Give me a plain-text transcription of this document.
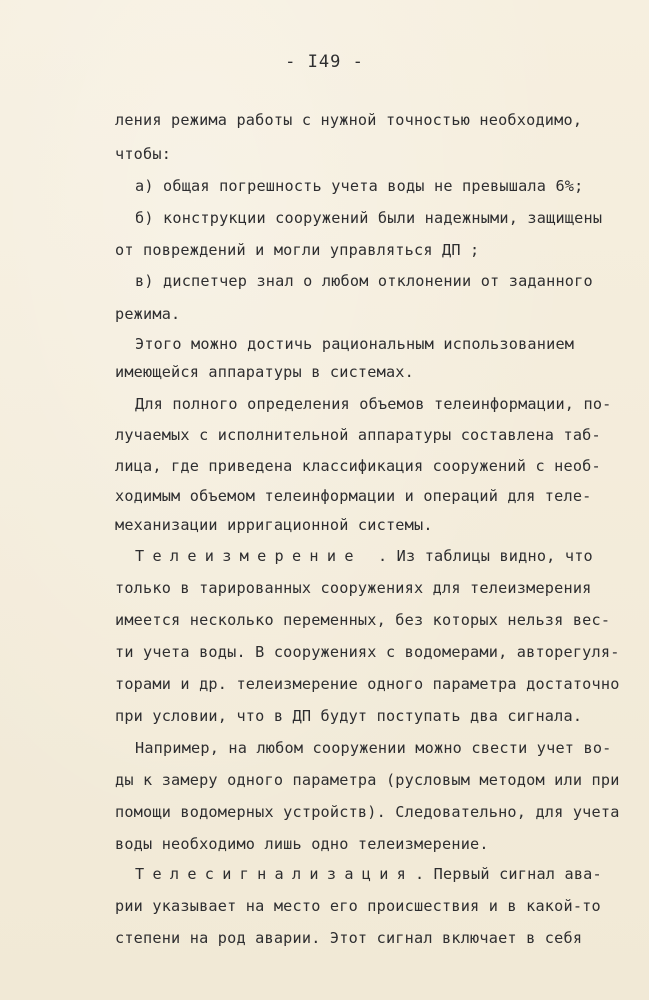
- I49 -
ления режима работы с нужной точностью необходимо,
чтобы:
а) общая погрешность учета воды не превышала 6%;
б) конструкции сооружений были надежными, защищены
от повреждений и могли управляться ДП ;
в) диспетчер знал о любом отклонении от заданного
режима.
Этого можно достичь рациональным использованием
имеющейся аппаратуры в системах.
Для полного определения объемов телеинформации, по-
лучаемых с исполнительной аппаратуры составлена таб-
лица, где приведена классификация сооружений с необ-
ходимым объемом телеинформации и операций для теле-
механизации ирригационной системы.
Телеизмерение . Из таблицы видно, что
только в тарированных сооружениях для телеизмерения
имеется несколько переменных, без которых нельзя вес-
ти учета воды. В сооружениях с водомерами, авторегуля-
торами и др. телеизмерение одного параметра достаточно
при условии, что в ДП будут поступать два сигнала.
Например, на любом сооружении можно свести учет во-
ды к замеру одного параметра (русловым методом или при
помощи водомерных устройств). Следовательно, для учета
воды необходимо лишь одно телеизмерение.
Телесигнализация . Первый сигнал ава-
рии указывает на место его происшествия и в какой-то
степени на род аварии. Этот сигнал включает в себя
